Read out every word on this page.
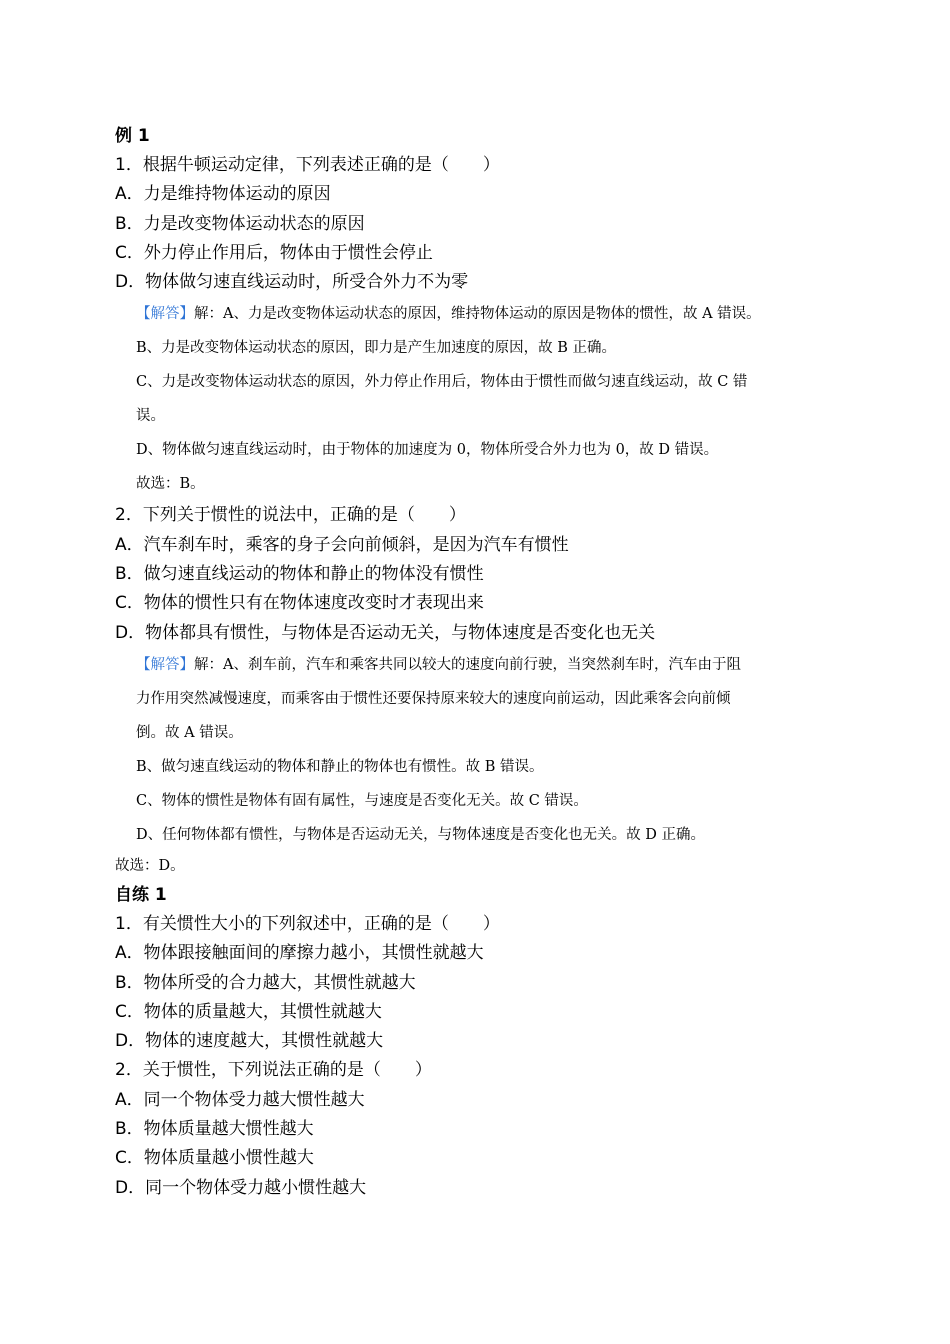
例 1
1．根据牛顿运动定律，下列表述正确的是（　　）
A．力是维持物体运动的原因
B．力是改变物体运动状态的原因
C．外力停止作用后，物体由于惯性会停止
D．物体做匀速直线运动时，所受合外力不为零
【解答】解：A、力是改变物体运动状态的原因，维持物体运动的原因是物体的惯性，故 A 错误。
B、力是改变物体运动状态的原因，即力是产生加速度的原因，故 B 正确。
C、力是改变物体运动状态的原因，外力停止作用后，物体由于惯性而做匀速直线运动，故 C 错
误。
D、物体做匀速直线运动时，由于物体的加速度为 0，物体所受合外力也为 0，故 D 错误。
故选：B。
2．下列关于惯性的说法中，正确的是（　　）
A．汽车刹车时，乘客的身子会向前倾斜，是因为汽车有惯性
B．做匀速直线运动的物体和静止的物体没有惯性
C．物体的惯性只有在物体速度改变时才表现出来
D．物体都具有惯性，与物体是否运动无关，与物体速度是否变化也无关
【解答】解：A、刹车前，汽车和乘客共同以较大的速度向前行驶，当突然刹车时，汽车由于阻
力作用突然减慢速度，而乘客由于惯性还要保持原来较大的速度向前运动，因此乘客会向前倾
倒。故 A 错误。
B、做匀速直线运动的物体和静止的物体也有惯性。故 B 错误。
C、物体的惯性是物体有固有属性，与速度是否变化无关。故 C 错误。
D、任何物体都有惯性，与物体是否运动无关，与物体速度是否变化也无关。故 D 正确。
故选：D。
自练 1
1．有关惯性大小的下列叙述中，正确的是（　　）
A．物体跟接触面间的摩擦力越小，其惯性就越大
B．物体所受的合力越大，其惯性就越大
C．物体的质量越大，其惯性就越大
D．物体的速度越大，其惯性就越大
2．关于惯性，下列说法正确的是（　　）
A．同一个物体受力越大惯性越大
B．物体质量越大惯性越大
C．物体质量越小惯性越大
D．同一个物体受力越小惯性越大
